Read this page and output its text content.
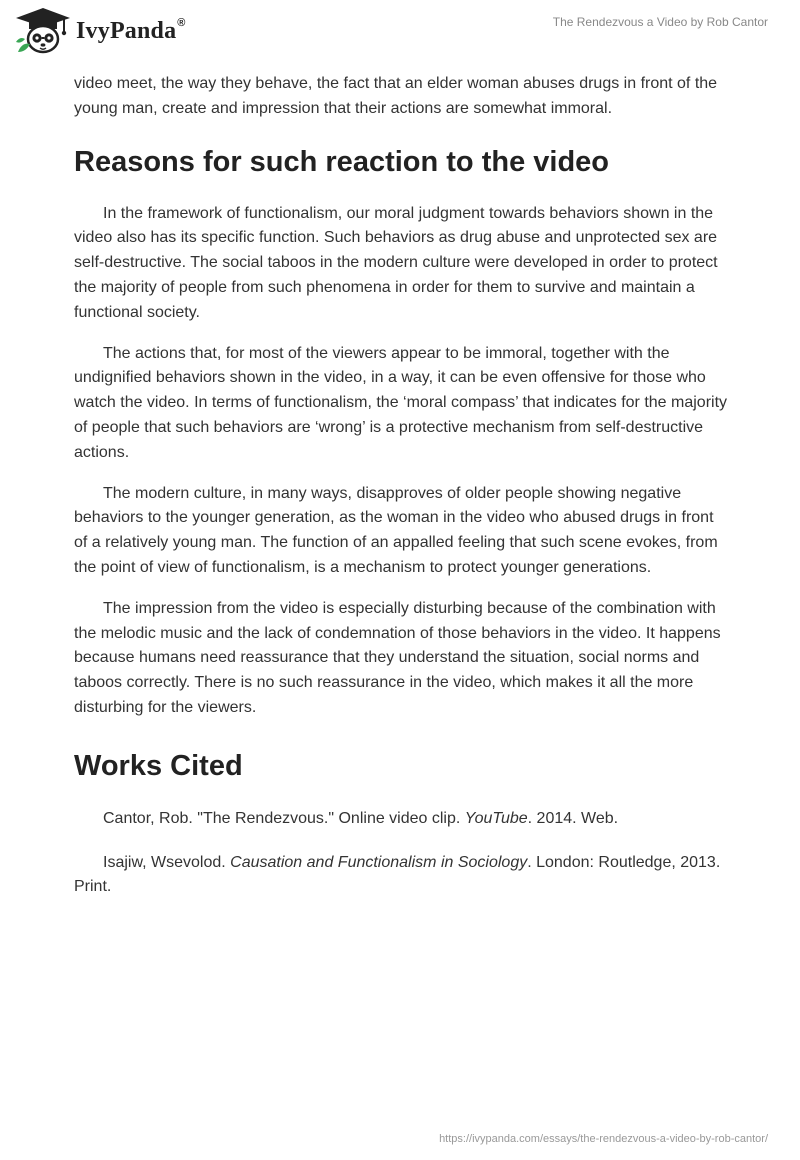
IvyPanda®	The Rendezvous a Video by Rob Cantor

video meet, the way they behave, the fact that an elder woman abuses drugs in front of the young man, create and impression that their actions are somewhat immoral.

Reasons for such reaction to the video

In the framework of functionalism, our moral judgment towards behaviors shown in the video also has its specific function. Such behaviors as drug abuse and unprotected sex are self-destructive. The social taboos in the modern culture were developed in order to protect the majority of people from such phenomena in order for them to survive and maintain a functional society.

The actions that, for most of the viewers appear to be immoral, together with the undignified behaviors shown in the video, in a way, it can be even offensive for those who watch the video. In terms of functionalism, the ‘moral compass’ that indicates for the majority of people that such behaviors are ‘wrong’ is a protective mechanism from self-destructive actions.

The modern culture, in many ways, disapproves of older people showing negative behaviors to the younger generation, as the woman in the video who abused drugs in front of a relatively young man. The function of an appalled feeling that such scene evokes, from the point of view of functionalism, is a mechanism to protect younger generations.

The impression from the video is especially disturbing because of the combination with the melodic music and the lack of condemnation of those behaviors in the video. It happens because humans need reassurance that they understand the situation, social norms and taboos correctly. There is no such reassurance in the video, which makes it all the more disturbing for the viewers.

Works Cited

Cantor, Rob. "The Rendezvous." Online video clip. YouTube. 2014. Web.

Isajiw, Wsevolod. Causation and Functionalism in Sociology. London: Routledge, 2013. Print.

https://ivypanda.com/essays/the-rendezvous-a-video-by-rob-cantor/
